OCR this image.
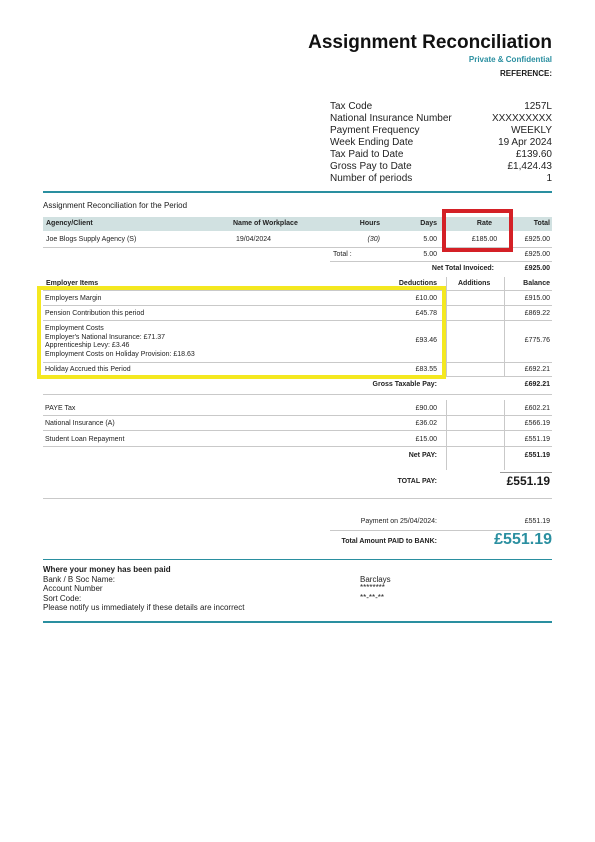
Assignment Reconciliation
Private & Confidential
REFERENCE:
Tax Code	1257L
National Insurance Number	XXXXXXXXX
Payment Frequency	WEEKLY
Week Ending Date	19 Apr 2024
Tax Paid to Date	£139.60
Gross Pay to Date	£1,424.43
Number of periods	1
Assignment Reconciliation for the Period
Agency/Client	Name of Workplace	Hours	Days	Rate	Total
Joe Blogs Supply Agency (S)	19/04/2024	(30)	5.00	£185.00	£925.00
Total :	5.00	£925.00
Net Total Invoiced:	£925.00
Employer Items	Deductions	Additions	Balance
Employers Margin	£10.00	£915.00
Pension Contribution this period	£45.78	£869.22
Employment Costs
Employer's National Insurance: £71.37
Apprenticeship Levy: £3.46
Employment Costs on Holiday Provision: £18.63
£93.46	£775.76
Holiday Accrued this Period	£83.55	£692.21
Gross Taxable Pay:	£692.21
PAYE Tax	£90.00	£602.21
National Insurance (A)	£36.02	£566.19
Student Loan Repayment	£15.00	£551.19
Net PAY:	£551.19
TOTAL PAY:	£551.19
Payment on 25/04/2024:	£551.19
Total Amount PAID to BANK:	£551.19
Where your money has been paid
Bank / B Soc Name:	Barclays
Account Number	********
Sort Code:	**-**-**
Please notify us immediately if these details are incorrect
